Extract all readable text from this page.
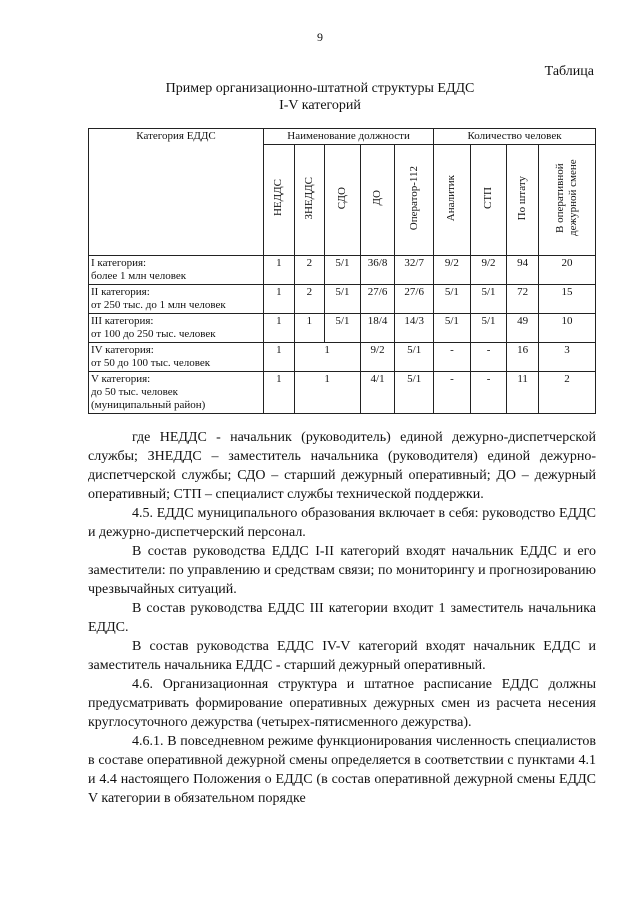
9
Таблица
Пример организационно-штатной структуры ЕДДС
I-V категорий
Категория ЕДДС	Наименование должности					Количество человек			
	НЕДДС	ЗНЕДДС	СДО	ДО	Оператор-112	Аналитик	СТП	По штату	В оперативной дежурной смене
I категория:
более 1 млн человек	1	2	5/1	36/8	32/7	9/2	9/2	94	20
II категория:
от 250 тыс. до 1 млн человек	1	2	5/1	27/6	27/6	5/1	5/1	72	15
III категория:
от 100 до 250 тыс. человек	1	1	5/1	18/4	14/3	5/1	5/1	49	10
IV категория:
от 50 до 100 тыс. человек	1	1		9/2	5/1	-	-	16	3
V категория:
до 50 тыс. человек
(муниципальный район)	1	1		4/1	5/1	-	-	11	2

где НЕДДС - начальник (руководитель) единой дежурно-диспетчерской службы; ЗНЕДДС – заместитель начальника (руководителя) единой дежурно-диспетчерской службы; СДО – старший дежурный оперативный; ДО – дежурный оперативный; СТП – специалист службы технической поддержки.

4.5. ЕДДС муниципального образования включает в себя: руководство ЕДДС и дежурно-диспетчерский персонал.

В состав руководства ЕДДС I-II категорий входят начальник ЕДДС и его заместители: по управлению и средствам связи; по мониторингу и прогнозированию чрезвычайных ситуаций.

В состав руководства ЕДДС III категории входит 1 заместитель начальника ЕДДС.

В состав руководства ЕДДС IV-V категорий входят начальник ЕДДС и заместитель начальника ЕДДС - старший дежурный оперативный.

4.6. Организационная структура и штатное расписание ЕДДС должны предусматривать формирование оперативных дежурных смен из расчета несения круглосуточного дежурства (четырех-пятисменного дежурства).

4.6.1. В повседневном режиме функционирования численность специалистов в составе оперативной дежурной смены определяется в соответствии с пунктами 4.1 и 4.4 настоящего Положения о ЕДДС (в состав оперативной дежурной смены ЕДДС V категории в обязательном порядке
